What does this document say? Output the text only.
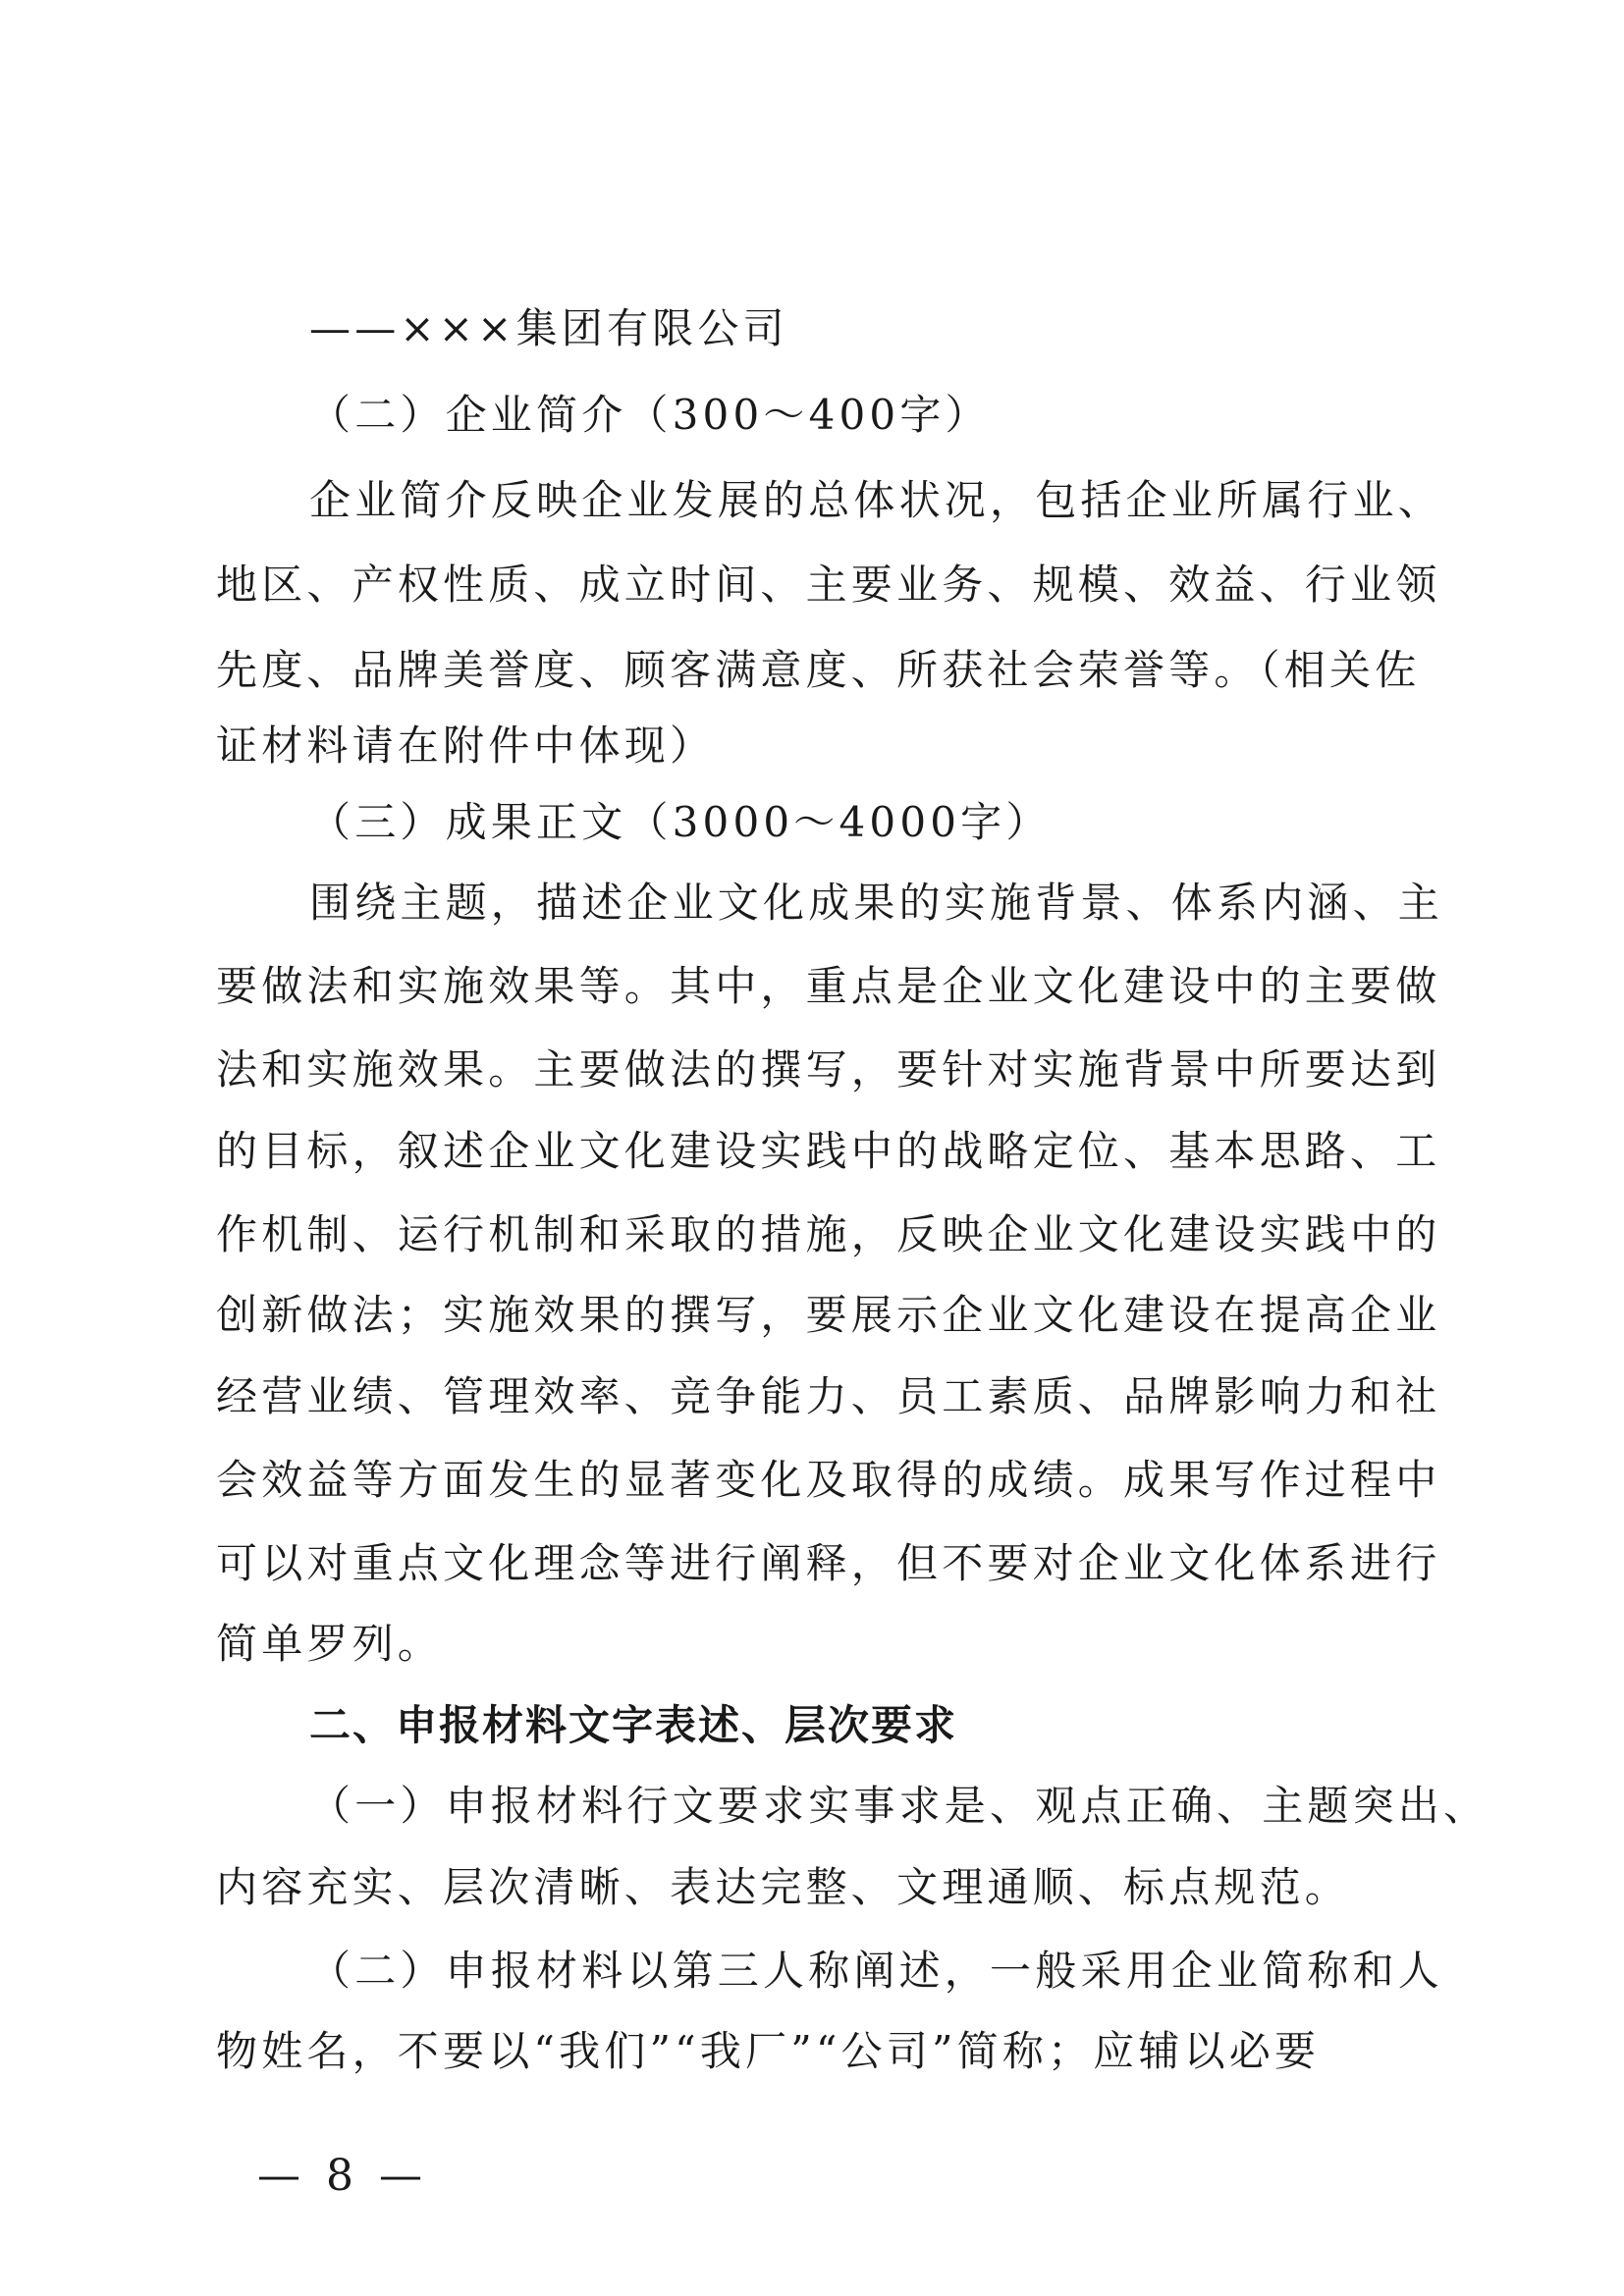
——×××集团有限公司
（二）企业简介（300～400字）
企业简介反映企业发展的总体状况，包括企业所属行业、
地区、产权性质、成立时间、主要业务、规模、效益、行业领
先度、品牌美誉度、顾客满意度、所获社会荣誉等。（相关佐
证材料请在附件中体现）
（三）成果正文（3000～4000字）
围绕主题，描述企业文化成果的实施背景、体系内涵、主
要做法和实施效果等。其中，重点是企业文化建设中的主要做
法和实施效果。主要做法的撰写，要针对实施背景中所要达到
的目标，叙述企业文化建设实践中的战略定位、基本思路、工
作机制、运行机制和采取的措施，反映企业文化建设实践中的
创新做法；实施效果的撰写，要展示企业文化建设在提高企业
经营业绩、管理效率、竞争能力、员工素质、品牌影响力和社
会效益等方面发生的显著变化及取得的成绩。成果写作过程中
可以对重点文化理念等进行阐释，但不要对企业文化体系进行
简单罗列。
二、申报材料文字表述、层次要求
（一）申报材料行文要求实事求是、观点正确、主题突出、
内容充实、层次清晰、表达完整、文理通顺、标点规范。
（二）申报材料以第三人称阐述，一般采用企业简称和人
物姓名，不要以“我们”“我厂”“公司”简称；应辅以必要
— 8 —
